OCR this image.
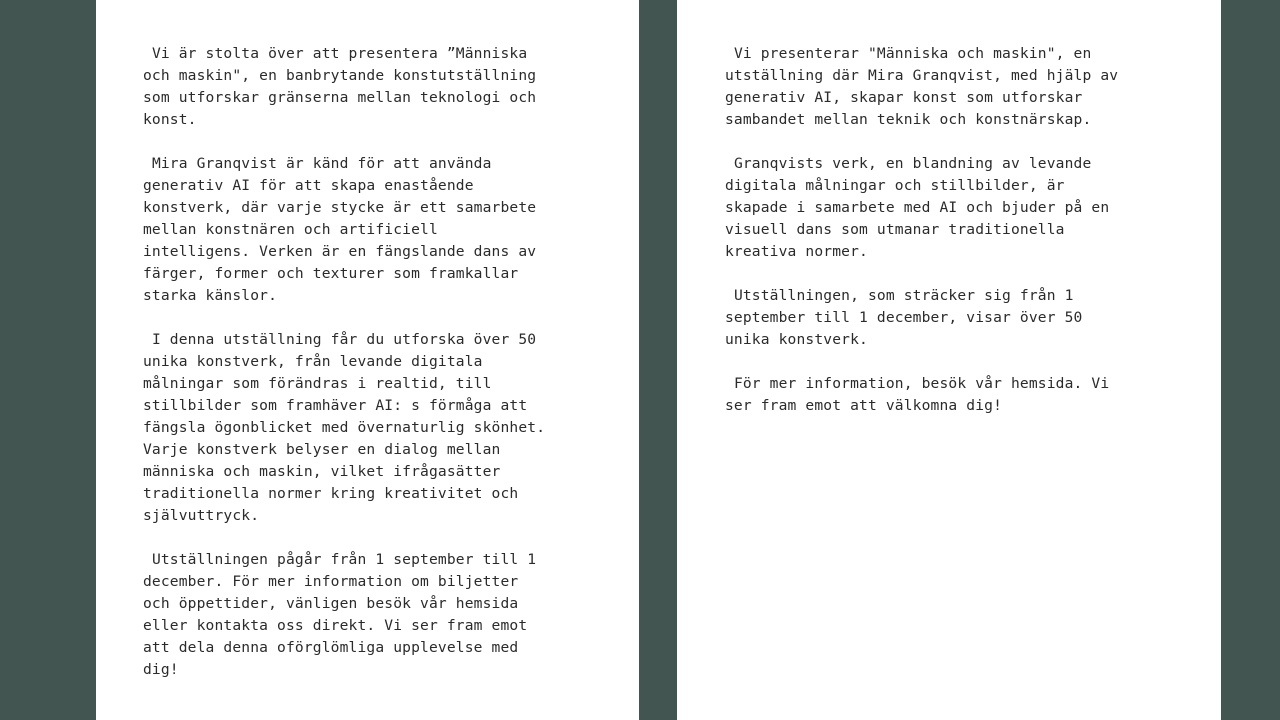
Vi är stolta över att presentera ”Människa
och maskin", en banbrytande konstutställning
som utforskar gränserna mellan teknologi och
konst.

Mira Granqvist är känd för att använda
generativ AI för att skapa enastående
konstverk, där varje stycke är ett samarbete
mellan konstnären och artificiell
intelligens. Verken är en fängslande dans av
färger, former och texturer som framkallar
starka känslor.

I denna utställning får du utforska över 50
unika konstverk, från levande digitala
målningar som förändras i realtid, till
stillbilder som framhäver AI: s förmåga att
fängsla ögonblicket med övernaturlig skönhet.
Varje konstverk belyser en dialog mellan
människa och maskin, vilket ifrågasätter
traditionella normer kring kreativitet och
självuttryck.

Utställningen pågår från 1 september till 1
december. För mer information om biljetter
och öppettider, vänligen besök vår hemsida
eller kontakta oss direkt. Vi ser fram emot
att dela denna oförglömliga upplevelse med
dig!

Vi presenterar "Människa och maskin", en
utställning där Mira Granqvist, med hjälp av
generativ AI, skapar konst som utforskar
sambandet mellan teknik och konstnärskap.

Granqvists verk, en blandning av levande
digitala målningar och stillbilder, är
skapade i samarbete med AI och bjuder på en
visuell dans som utmanar traditionella
kreativa normer.

Utställningen, som sträcker sig från 1
september till 1 december, visar över 50
unika konstverk.

För mer information, besök vår hemsida. Vi
ser fram emot att välkomna dig!
